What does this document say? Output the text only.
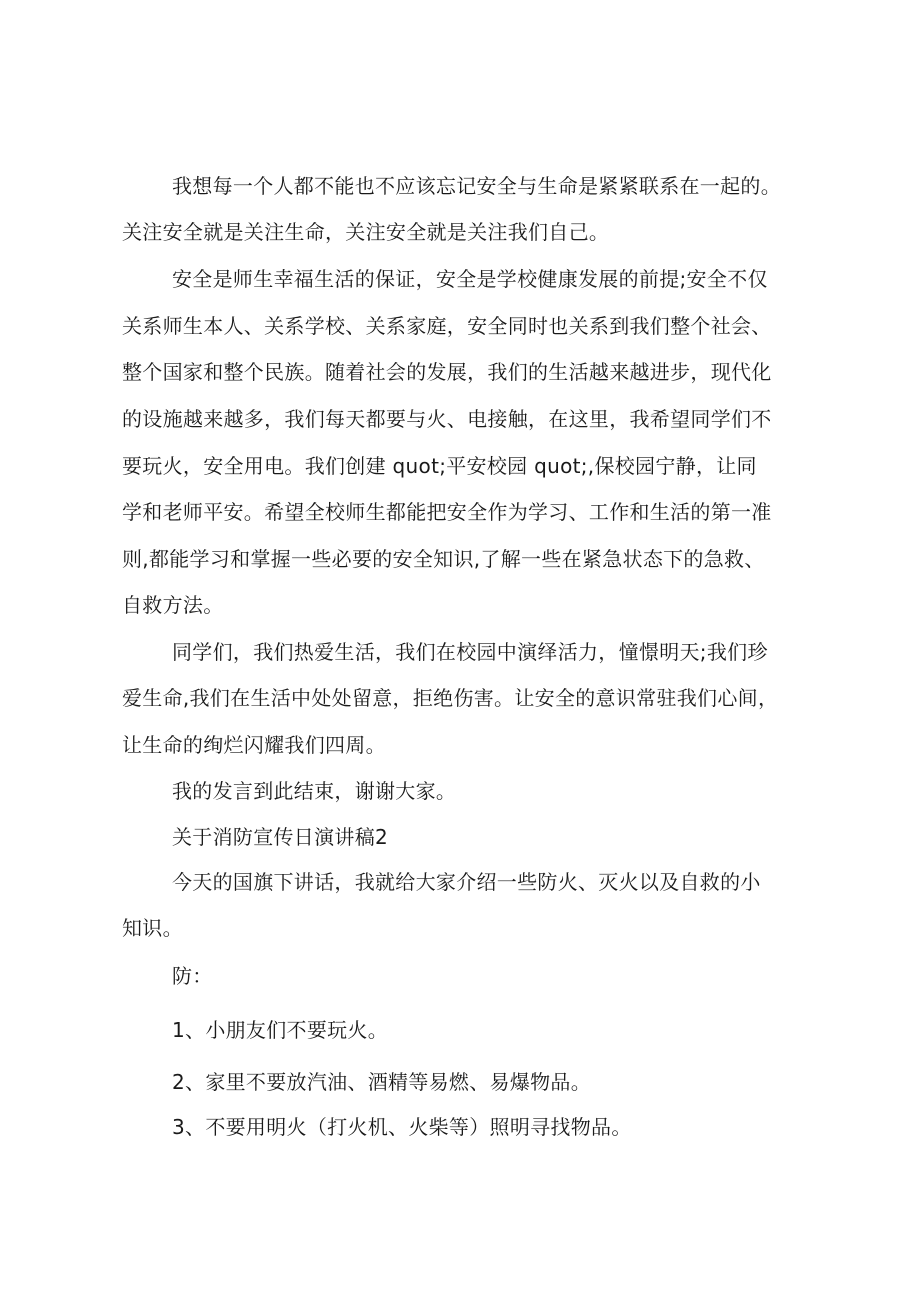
我想每一个人都不能也不应该忘记安全与生命是紧紧联系在一起的。
关注安全就是关注生命，关注安全就是关注我们自己。
安全是师生幸福生活的保证，安全是学校健康发展的前提;安全不仅
关系师生本人、关系学校、关系家庭，安全同时也关系到我们整个社会、
整个国家和整个民族。随着社会的发展，我们的生活越来越进步，现代化
的设施越来越多，我们每天都要与火、电接触，在这里，我希望同学们不
要玩火，安全用电。我们创建 quot;平安校园 quot;,保校园宁静，让同
学和老师平安。希望全校师生都能把安全作为学习、工作和生活的第一准
则,都能学习和掌握一些必要的安全知识,了解一些在紧急状态下的急救、
自救方法。
同学们，我们热爱生活，我们在校园中演绎活力，憧憬明天;我们珍
爱生命,我们在生活中处处留意，拒绝伤害。让安全的意识常驻我们心间，
让生命的绚烂闪耀我们四周。
我的发言到此结束，谢谢大家。
关于消防宣传日演讲稿2
今天的国旗下讲话，我就给大家介绍一些防火、灭火以及自救的小
知识。
防：
1、小朋友们不要玩火。
2、家里不要放汽油、酒精等易燃、易爆物品。
3、不要用明火（打火机、火柴等）照明寻找物品。
